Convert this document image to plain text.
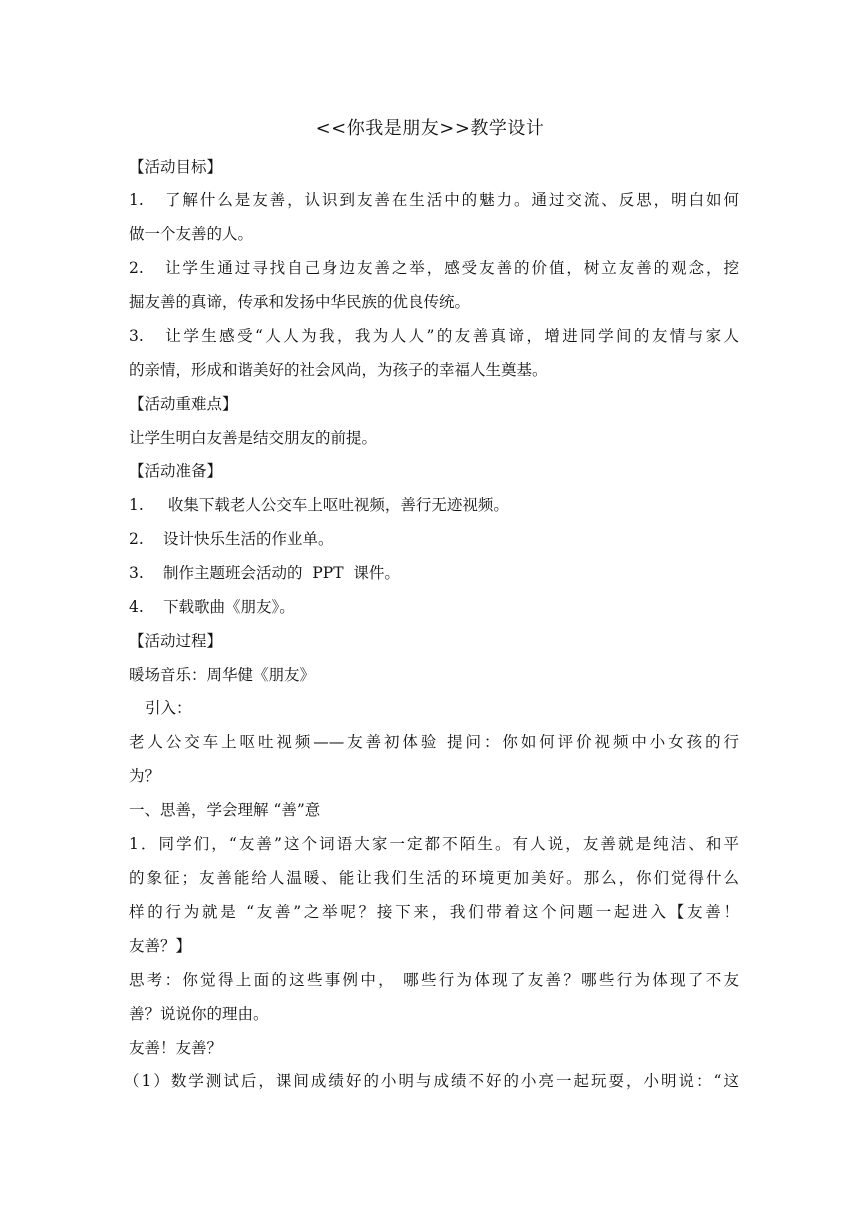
<<你我是朋友>>教学设计
【活动目标】
1. 了解什么是友善，认识到友善在生活中的魅力。通过交流、反思，明白如何
做一个友善的人。
2. 让学生通过寻找自己身边友善之举，感受友善的价值，树立友善的观念，挖
掘友善的真谛，传承和发扬中华民族的优良传统。
3. 让学生感受“人人为我，我为人人”的友善真谛，增进同学间的友情与家人
的亲情，形成和谐美好的社会风尚，为孩子的幸福人生奠基。
【活动重难点】
让学生明白友善是结交朋友的前提。
【活动准备】
1. 收集下载老人公交车上呕吐视频，善行无迹视频。
2. 设计快乐生活的作业单。
3. 制作主题班会活动的  PPT  课件。
4. 下载歌曲《朋友》。
【活动过程】
暖场音乐：周华健《朋友》
引入：
老人公交车上呕吐视频——友善初体验 提问：你如何评价视频中小女孩的行
为？
一、思善，学会理解 “善”意
1．同学们，“友善”这个词语大家一定都不陌生。有人说，友善就是纯洁、和平
的象征；友善能给人温暖、能让我们生活的环境更加美好。那么，你们觉得什么
样的行为就是 “友善”之举呢？接下来，我们带着这个问题一起进入【友善！
友善？】
思考：你觉得上面的这些事例中， 哪些行为体现了友善？哪些行为体现了不友
善？说说你的理由。
友善！友善？
（1）数学测试后，课间成绩好的小明与成绩不好的小亮一起玩耍，小明说：“这
